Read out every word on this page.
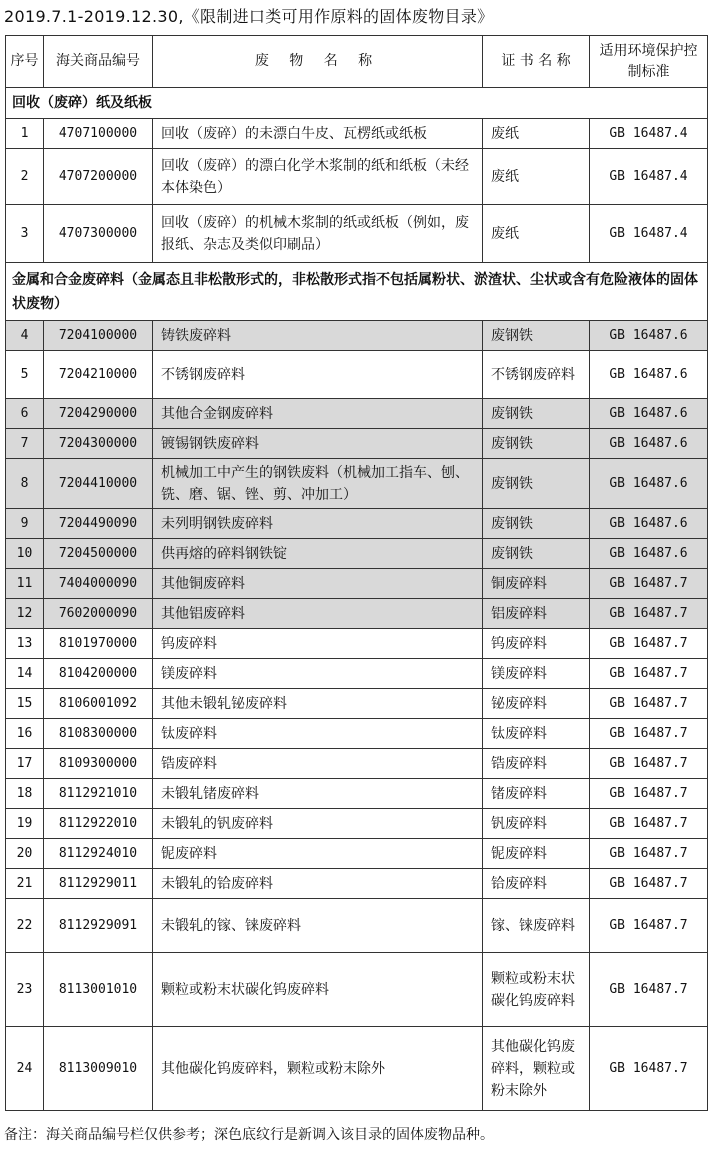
2019.7.1-2019.12.30,《限制进口类可用作原料的固体废物目录》
序号	海关商品编号	废 物 名 称	证 书 名 称	适用环境保护控制标准
回收（废碎）纸及纸板				
1	4707100000	回收（废碎）的未漂白牛皮、瓦楞纸或纸板	废纸	GB 16487.4
2	4707200000	回收（废碎）的漂白化学木浆制的纸和纸板（未经本体染色）	废纸	GB 16487.4
3	4707300000	回收（废碎）的机械木浆制的纸或纸板（例如，废报纸、杂志及类似印刷品）	废纸	GB 16487.4
金属和合金废碎料（金属态且非松散形式的，非松散形式指不包括属粉状、淤渣状、尘状或含有危险液体的固体状废物）				
4	7204100000	铸铁废碎料	废钢铁	GB 16487.6
5	7204210000	不锈钢废碎料	不锈钢废碎料	GB 16487.6
6	7204290000	其他合金钢废碎料	废钢铁	GB 16487.6
7	7204300000	镀锡钢铁废碎料	废钢铁	GB 16487.6
8	7204410000	机械加工中产生的钢铁废料（机械加工指车、刨、铣、磨、锯、锉、剪、冲加工）	废钢铁	GB 16487.6
9	7204490090	未列明钢铁废碎料	废钢铁	GB 16487.6
10	7204500000	供再熔的碎料钢铁锭	废钢铁	GB 16487.6
11	7404000090	其他铜废碎料	铜废碎料	GB 16487.7
12	7602000090	其他铝废碎料	铝废碎料	GB 16487.7
13	8101970000	钨废碎料	钨废碎料	GB 16487.7
14	8104200000	镁废碎料	镁废碎料	GB 16487.7
15	8106001092	其他未锻轧铋废碎料	铋废碎料	GB 16487.7
16	8108300000	钛废碎料	钛废碎料	GB 16487.7
17	8109300000	锆废碎料	锆废碎料	GB 16487.7
18	8112921010	未锻轧锗废碎料	锗废碎料	GB 16487.7
19	8112922010	未锻轧的钒废碎料	钒废碎料	GB 16487.7
20	8112924010	铌废碎料	铌废碎料	GB 16487.7
21	8112929011	未锻轧的铪废碎料	铪废碎料	GB 16487.7
22	8112929091	未锻轧的镓、铼废碎料	镓、铼废碎料	GB 16487.7
23	8113001010	颗粒或粉末状碳化钨废碎料	颗粒或粉末状碳化钨废碎料	GB 16487.7
24	8113009010	其他碳化钨废碎料，颗粒或粉末除外	其他碳化钨废碎料，颗粒或粉末除外	GB 16487.7
备注：海关商品编号栏仅供参考；深色底纹行是新调入该目录的固体废物品种。
